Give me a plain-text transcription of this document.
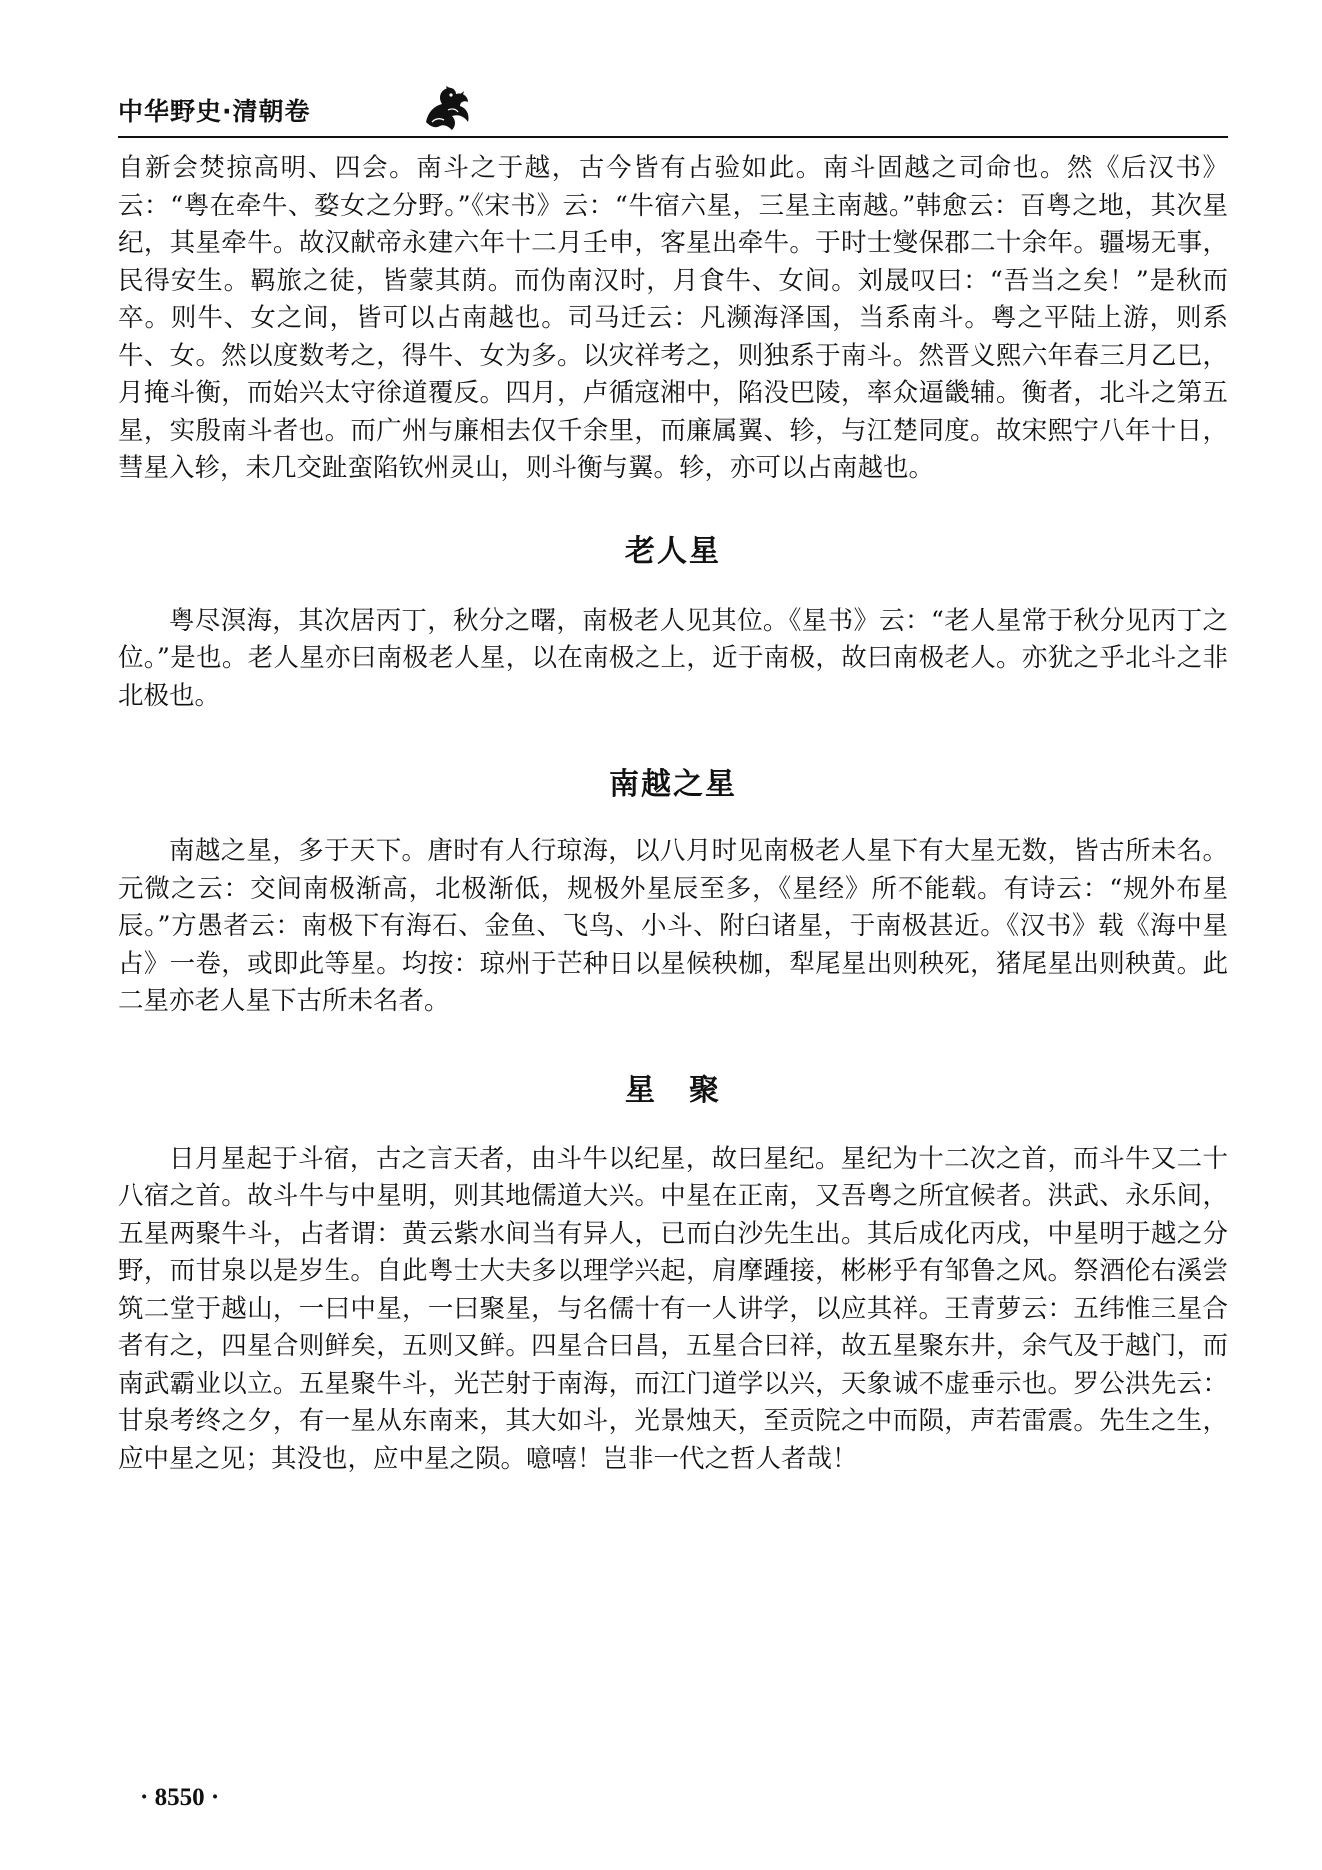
中华野史·清朝卷

自新会焚掠高明、四会。南斗之于越，古今皆有占验如此。南斗固越之司命也。然《后汉书》云：“粤在牵牛、婺女之分野。”《宋书》云：“牛宿六星，三星主南越。”韩愈云：百粤之地，其次星纪，其星牵牛。故汉献帝永建六年十二月壬申，客星出牵牛。于时士燮保郡二十余年。疆埸无事，民得安生。羁旅之徒，皆蒙其荫。而伪南汉时，月食牛、女间。刘晟叹曰：“吾当之矣！”是秋而卒。则牛、女之间，皆可以占南越也。司马迁云：凡濒海泽国，当系南斗。粤之平陆上游，则系牛、女。然以度数考之，得牛、女为多。以灾祥考之，则独系于南斗。然晋义熙六年春三月乙巳，月掩斗衡，而始兴太守徐道覆反。四月，卢循寇湘中，陷没巴陵，率众逼畿辅。衡者，北斗之第五星，实殷南斗者也。而广州与廉相去仅千余里，而廉属翼、轸，与江楚同度。故宋熙宁八年十日，彗星入轸，未几交趾蛮陷钦州灵山，则斗衡与翼。轸，亦可以占南越也。

老人星

粤尽溟海，其次居丙丁，秋分之曙，南极老人见其位。《星书》云：“老人星常于秋分见丙丁之位。”是也。老人星亦曰南极老人星，以在南极之上，近于南极，故曰南极老人。亦犹之乎北斗之非北极也。

南越之星

南越之星，多于天下。唐时有人行琼海，以八月时见南极老人星下有大星无数，皆古所未名。元微之云：交间南极渐高，北极渐低，规极外星辰至多，《星经》所不能载。有诗云：“规外布星辰。”方愚者云：南极下有海石、金鱼、飞鸟、小斗、附臼诸星，于南极甚近。《汉书》载《海中星占》一卷，或即此等星。均按：琼州于芒种日以星候秧枷，犁尾星出则秧死，猪尾星出则秧黄。此二星亦老人星下古所未名者。

星　聚

日月星起于斗宿，古之言天者，由斗牛以纪星，故曰星纪。星纪为十二次之首，而斗牛又二十八宿之首。故斗牛与中星明，则其地儒道大兴。中星在正南，又吾粤之所宜候者。洪武、永乐间，五星两聚牛斗，占者谓：黄云紫水间当有异人，已而白沙先生出。其后成化丙戌，中星明于越之分野，而甘泉以是岁生。自此粤士大夫多以理学兴起，肩摩踵接，彬彬乎有邹鲁之风。祭酒伦右溪尝筑二堂于越山，一曰中星，一曰聚星，与名儒十有一人讲学，以应其祥。王青萝云：五纬惟三星合者有之，四星合则鲜矣，五则又鲜。四星合曰昌，五星合曰祥，故五星聚东井，余气及于越门，而南武霸业以立。五星聚牛斗，光芒射于南海，而江门道学以兴，天象诚不虚垂示也。罗公洪先云：甘泉考终之夕，有一星从东南来，其大如斗，光景烛天，至贡院之中而陨，声若雷震。先生之生，应中星之见；其没也，应中星之陨。噫嘻！岂非一代之哲人者哉！

· 8550 ·
